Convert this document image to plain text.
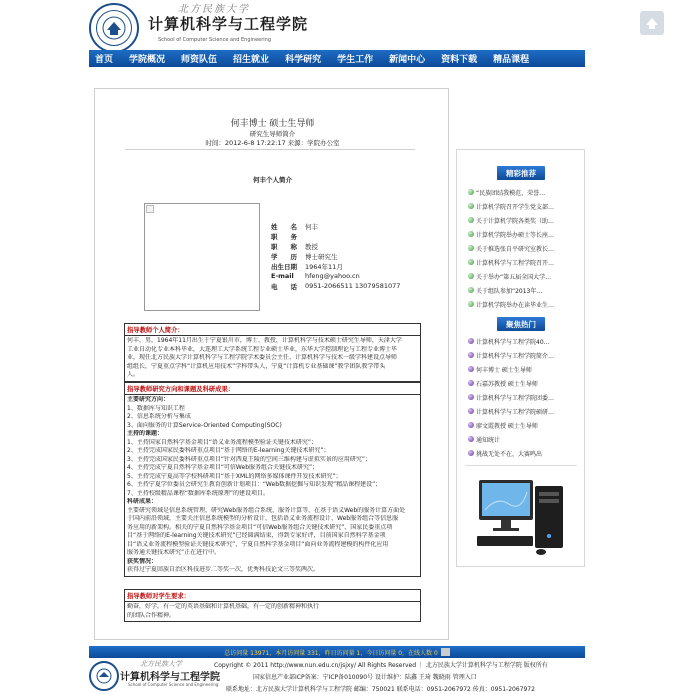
北方民族大学
计算机科学与工程学院
School of Computer Science and Engineering
首页 学院概况 师资队伍 招生就业 科学研究 学生工作 新闻中心 资料下载 精品课程
何丰博士 硕士生导师
研究生导师简介
时间：2012-6-8 17:22:17 来源：学院办公室
何丰个人简介
姓　　名	何丰
职　　务
职　　称	教授
学　　历	博士研究生
出生日期	1964年11月
E-mail	hfeng@yahoo.cn
电　　话	0951-2066511 13079581077
指导教师个人简介：
何丰，男，1964年11月出生于宁夏银川市，博士、教授，计算机科学与技术硕士研究生导师，天津大学
工业自动化专业本科毕业，大连理工大学系统工程专业硕士毕业，东华大学控制理论与工程专业博士毕
业，现任北方民族大学计算机科学与工程学院学术委员会主任、计算机科学与技术一级学科建设点导师
组组长，宁夏重点学科“计算机应用技术”学科带头人，宁夏“计算机专业基础课”教学团队教学带头
人。
指导教师研究方向和课题及科研成果：
主要研究方向：
1、数据库与知识工程
2、信息系统分析与集成
3、面向服务的计算Service-Oriented Computing(SOC)
主持的课题：
1、主持国家自然科学基金项目“语义业务流程模型验证关键技术研究”；
2、主持完成国家民委科研重点项目“基于网络的E-learning关键技术研究”；
3、主持完成国家民委科研重点项目“针对西夏王陵的空间三维构建与虚拟实景的应用研究”；
4、主持完成宁夏自然科学基金项目“可信Web服务组合关键技术研究”；
5、主持完成宁夏高等学校科研项目“基于XML的网络多媒体课件开发技术研究”；
6、主持宁夏学位委员会研究生教育创新计划项目：“Web数据挖掘与知识发现”精品课程建设”；
7、主持校级精品课程“数据库系统原理”的建设项目。
科研成果：
主要研究领域是信息系统管理，研究Web服务组合系统，服务计算等，在基于语义Web的服务计算方面处
于国内前沿领域，主要关注信息系统模型的分析设计，包括语义业务流程设计、Web服务组合等信息服
务应用的新架构。相关的宁夏自然科学基金项目“可信Web服务组合关键技术研究”、国家民委重点项
目“基于网络的E-learning关键技术研究”已经圆满结束，得到专家好评，目前国家自然科学基金项
目“语义业务流程模型验证关键技术研究”、宁夏自然科学基金项目“面向业务流程建模的构件化应用
服务通关键技术研究”正在进行中。
获奖情况：
获得过宁夏回族自治区科技进步二等奖一次，优秀科技论文三等奖两次。
指导教师对学生要求：
勤奋，好学，有一定的英语基础和计算机基础，有一定的创新精神和执行
的团队合作精神。
精彩推荐
“民族团结我模范，荣誉…
计算机学院召开学生党支部…
关于计算机学院各类奖（助…
计算机学院举办硕士等长座…
关于推选张自平研究室教长…
计算机科学与工程学院召开…
关于举办“第五届全国大学…
关于组队参加“2013年…
计算机学院举办在读毕业生…
聚焦热门
计算机科学与工程学院40…
计算机科学与工程学院简介…
何丰博士 硕士生导师
石嘉苏教授 硕士生导师
计算机科学与工程学院团委…
计算机科学与工程学院硕研…
廖文霞教授 硕士生导师
通知统计
挑战无处不在，大赛鸣出
总访问量 13971，本月访问量 331，昨日访问量 1，今日访问量 0，在线人数 0
北方民族大学
计算机科学与工程学院
School of Computer Science and Engineering
Copyright © 2011 http://www.nun.edu.cn/jsjxy/ All Rights Reserved ｜ 北方民族大学计算机科学与工程学院 版权所有
国家信息产业部ICP备案：宁ICP备010090号 设计维护：陆鑫 王琦 魏晓雨 管理入口
联系地址：北方民族大学计算机科学与工程学院 邮编：750021 联系电话：0951-2067972 传真：0951-2067972
